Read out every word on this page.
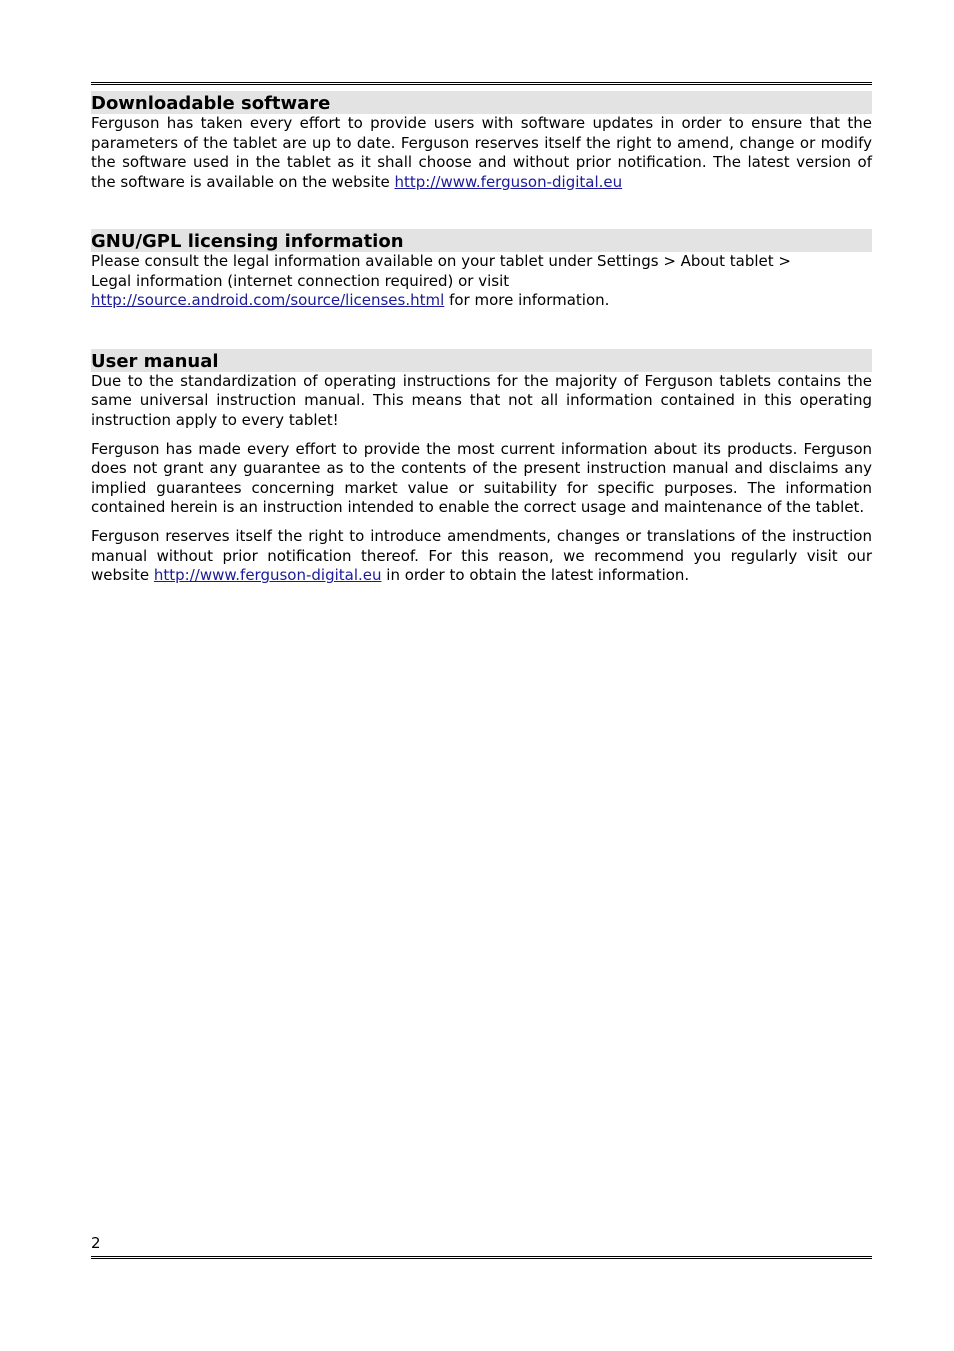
Downloadable software

Ferguson has taken every effort to provide users with software updates in order to ensure that the parameters of the tablet are up to date. Ferguson reserves itself the right to amend, change or modify the software used in the tablet as it shall choose and without prior notification. The latest version of the software is available on the website http://www.ferguson-digital.eu

GNU/GPL licensing information

Please consult the legal information available on your tablet under Settings > About tablet >
Legal information (internet connection required) or visit
http://source.android.com/source/licenses.html for more information.

User manual

Due to the standardization of operating instructions for the majority of Ferguson tablets contains the same universal instruction manual. This means that not all information contained in this operating instruction apply to every tablet!

Ferguson has made every effort to provide the most current information about its products. Ferguson does not grant any guarantee as to the contents of the present instruction manual and disclaims any implied guarantees concerning market value or suitability for specific purposes. The information contained herein is an instruction intended to enable the correct usage and maintenance of the tablet.

Ferguson reserves itself the right to introduce amendments, changes or translations of the instruction manual without prior notification thereof. For this reason, we recommend you regularly visit our website http://www.ferguson-digital.eu in order to obtain the latest information.

2
